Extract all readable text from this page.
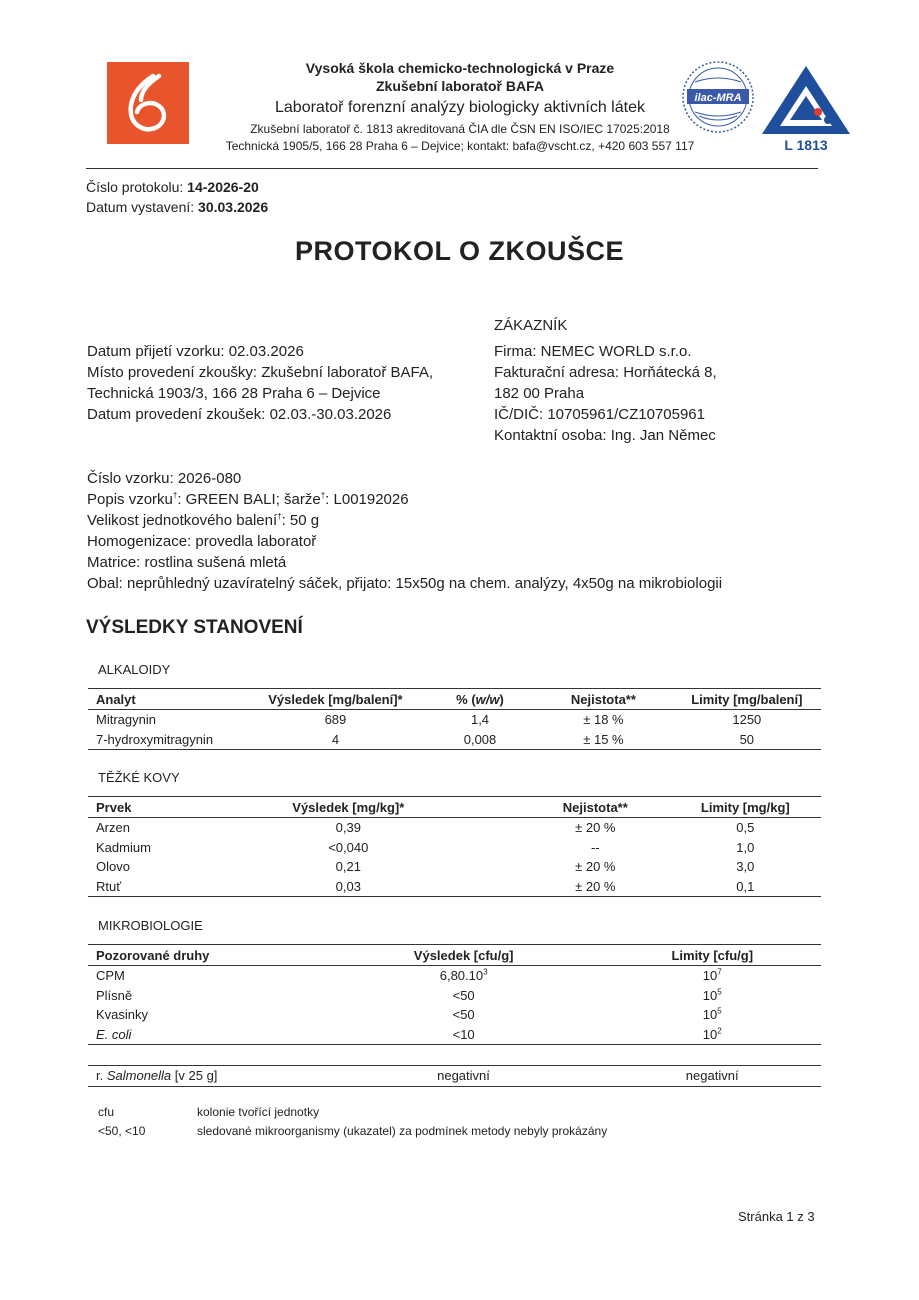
Vysoká škola chemicko-technologická v Praze
Zkušební laboratoř BAFA
Laboratoř forenzní analýzy biologicky aktivních látek
Zkušební laboratoř č. 1813 akreditovaná ČIA dle ČSN EN ISO/IEC 17025:2018
Technická 1905/5, 166 28 Praha 6 – Dejvice; kontakt: bafa@vscht.cz, +420 603 557 117
ilac-MRA
L 1813
Číslo protokolu: 14-2026-20
Datum vystavení: 30.03.2026
PROTOKOL O ZKOUŠCE
Datum přijetí vzorku: 02.03.2026
Místo provedení zkoušky: Zkušební laboratoř BAFA,
Technická 1903/3, 166 28 Praha 6 – Dejvice
Datum provedení zkoušek: 02.03.-30.03.2026
ZÁKAZNÍK
Firma: NEMEC WORLD s.r.o.
Fakturační adresa: Horňátecká 8,
182 00 Praha
IČ/DIČ: 10705961/CZ10705961
Kontaktní osoba: Ing. Jan Němec
Číslo vzorku: 2026-080
Popis vzorku†: GREEN BALI; šarže†: L00192026
Velikost jednotkového balení†: 50 g
Homogenizace: provedla laboratoř
Matrice: rostlina sušená mletá
Obal: neprůhledný uzavíratelný sáček, přijato: 15x50g na chem. analýzy, 4x50g na mikrobiologii
VÝSLEDKY STANOVENÍ
ALKALOIDY
Analyt	Výsledek [mg/balení]*	% (w/w)	Nejistota**	Limity [mg/balení]
Mitragynin	689	1,4	± 18 %	1250
7-hydroxymitragynin	4	0,008	± 15 %	50
TĚŽKÉ KOVY
Prvek	Výsledek [mg/kg]*		Nejistota**	Limity [mg/kg]
Arzen	0,39		± 20 %	0,5
Kadmium	<0,040		--	1,0
Olovo	0,21		± 20 %	3,0
Rtuť	0,03		± 20 %	0,1
MIKROBIOLOGIE
Pozorované druhy	Výsledek [cfu/g]	Limity [cfu/g]
CPM	6,80.10$^3$	$10^7$
Plísně	<50	$10^5$
Kvasinky	<50	$10^5$
E. coli	<10	$10^2$
r. Salmonella [v 25 g]	negativní	negativní
cfu	kolonie tvořící jednotky
<50, <10	sledované mikroorganismy (ukazatel) za podmínek metody nebyly prokázány
Stránka 1 z 3
